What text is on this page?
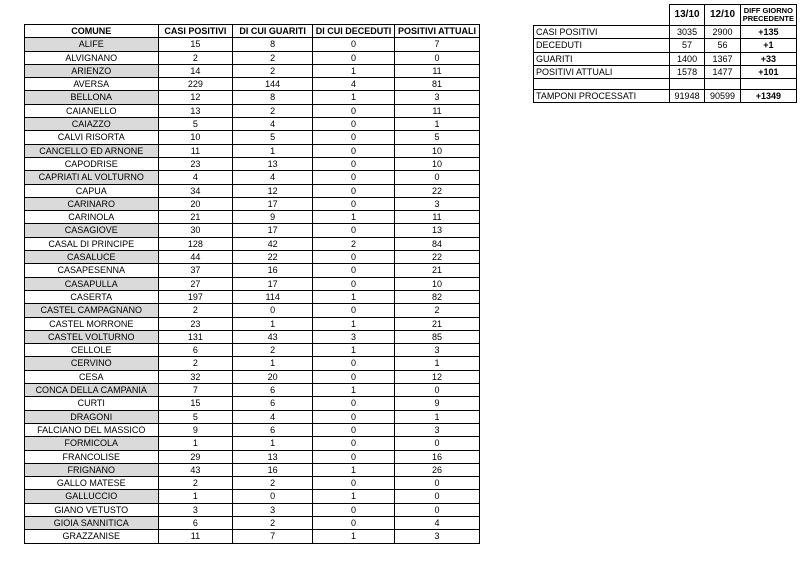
COMUNE	CASI POSITIVI	DI CUI GUARITI	DI CUI DECEDUTI	POSITIVI ATTUALI
ALIFE	15	8	0	7
ALVIGNANO	2	2	0	0
ARIENZO	14	2	1	11
AVERSA	229	144	4	81
BELLONA	12	8	1	3
CAIANELLO	13	2	0	11
CAIAZZO	5	4	0	1
CALVI RISORTA	10	5	0	5
CANCELLO ED ARNONE	11	1	0	10
CAPODRISE	23	13	0	10
CAPRIATI AL VOLTURNO	4	4	0	0
CAPUA	34	12	0	22
CARINARO	20	17	0	3
CARINOLA	21	9	1	11
CASAGIOVE	30	17	0	13
CASAL DI PRINCIPE	128	42	2	84
CASALUCE	44	22	0	22
CASAPESENNA	37	16	0	21
CASAPULLA	27	17	0	10
CASERTA	197	114	1	82
CASTEL CAMPAGNANO	2	0	0	2
CASTEL MORRONE	23	1	1	21
CASTEL VOLTURNO	131	43	3	85
CELLOLE	6	2	1	3
CERVINO	2	1	0	1
CESA	32	20	0	12
CONCA DELLA CAMPANIA	7	6	1	0
CURTI	15	6	0	9
DRAGONI	5	4	0	1
FALCIANO DEL MASSICO	9	6	0	3
FORMICOLA	1	1	0	0
FRANCOLISE	29	13	0	16
FRIGNANO	43	16	1	26
GALLO MATESE	2	2	0	0
GALLUCCIO	1	0	1	0
GIANO VETUSTO	3	3	0	0
GIOIA SANNITICA	6	2	0	4
GRAZZANISE	11	7	1	3
	13/10	12/10	DIFF GIORNO PRECEDENTE
CASI POSITIVI	3035	2900	+135
DECEDUTI	57	56	+1
GUARITI	1400	1367	+33
POSITIVI ATTUALI	1578	1477	+101

TAMPONI PROCESSATI	91948	90599	+1349
